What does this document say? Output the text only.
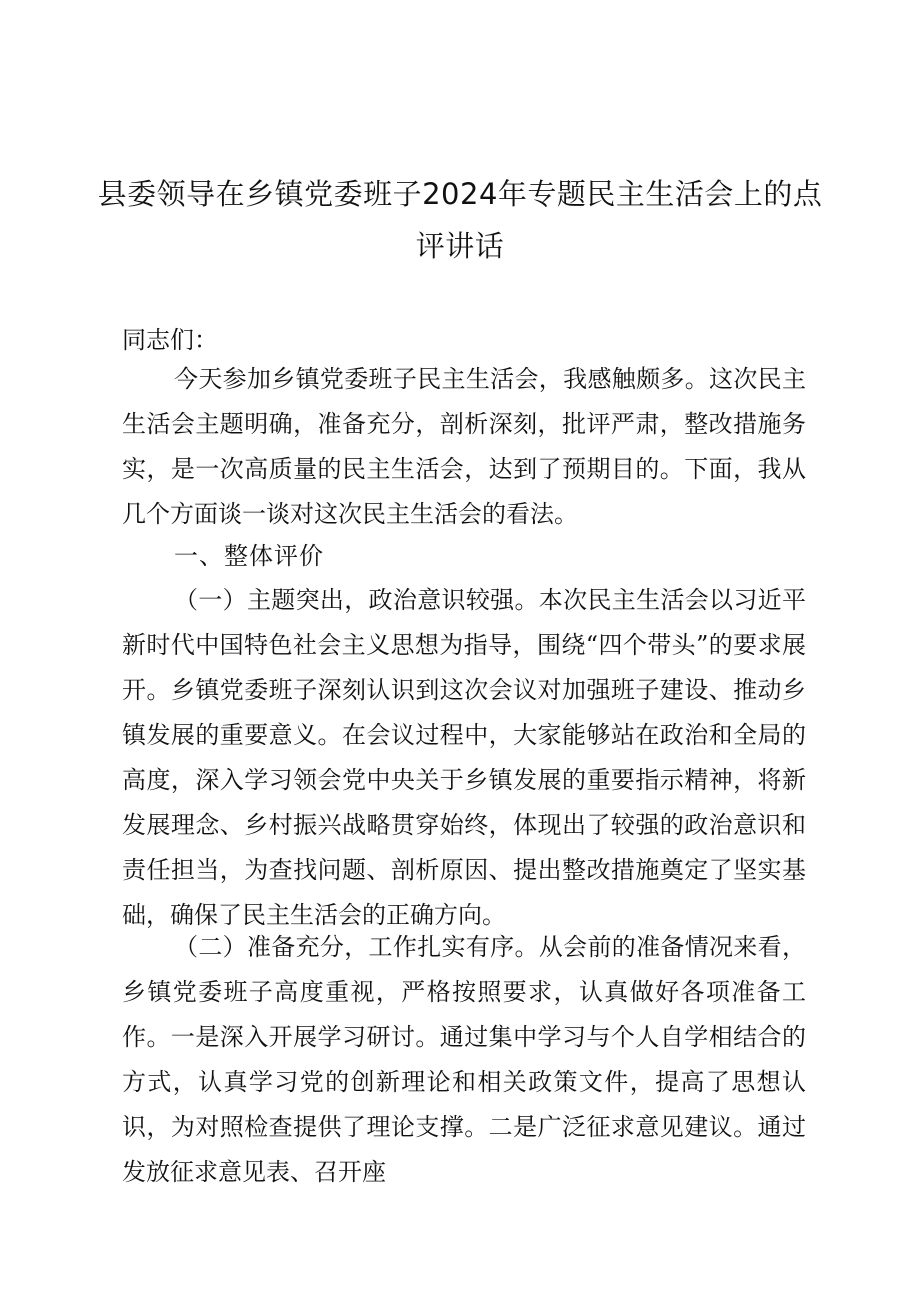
县委领导在乡镇党委班子2024年专题民主生活会上的点
评讲话
同志们：
今天参加乡镇党委班子民主生活会，我感触颇多。这次民主生活会主题明确，准备充分，剖析深刻，批评严肃，整改措施务实，是一次高质量的民主生活会，达到了预期目的。下面，我从几个方面谈一谈对这次民主生活会的看法。
一、整体评价
（一）主题突出，政治意识较强。本次民主生活会以习近平新时代中国特色社会主义思想为指导，围绕“四个带头”的要求展开。乡镇党委班子深刻认识到这次会议对加强班子建设、推动乡镇发展的重要意义。在会议过程中，大家能够站在政治和全局的高度，深入学习领会党中央关于乡镇发展的重要指示精神，将新发展理念、乡村振兴战略贯穿始终，体现出了较强的政治意识和责任担当，为查找问题、剖析原因、提出整改措施奠定了坚实基础，确保了民主生活会的正确方向。
（二）准备充分，工作扎实有序。从会前的准备情况来看，乡镇党委班子高度重视，严格按照要求，认真做好各项准备工作。一是深入开展学习研讨。通过集中学习与个人自学相结合的方式，认真学习党的创新理论和相关政策文件，提高了思想认识，为对照检查提供了理论支撑。二是广泛征求意见建议。通过发放征求意见表、召开座
